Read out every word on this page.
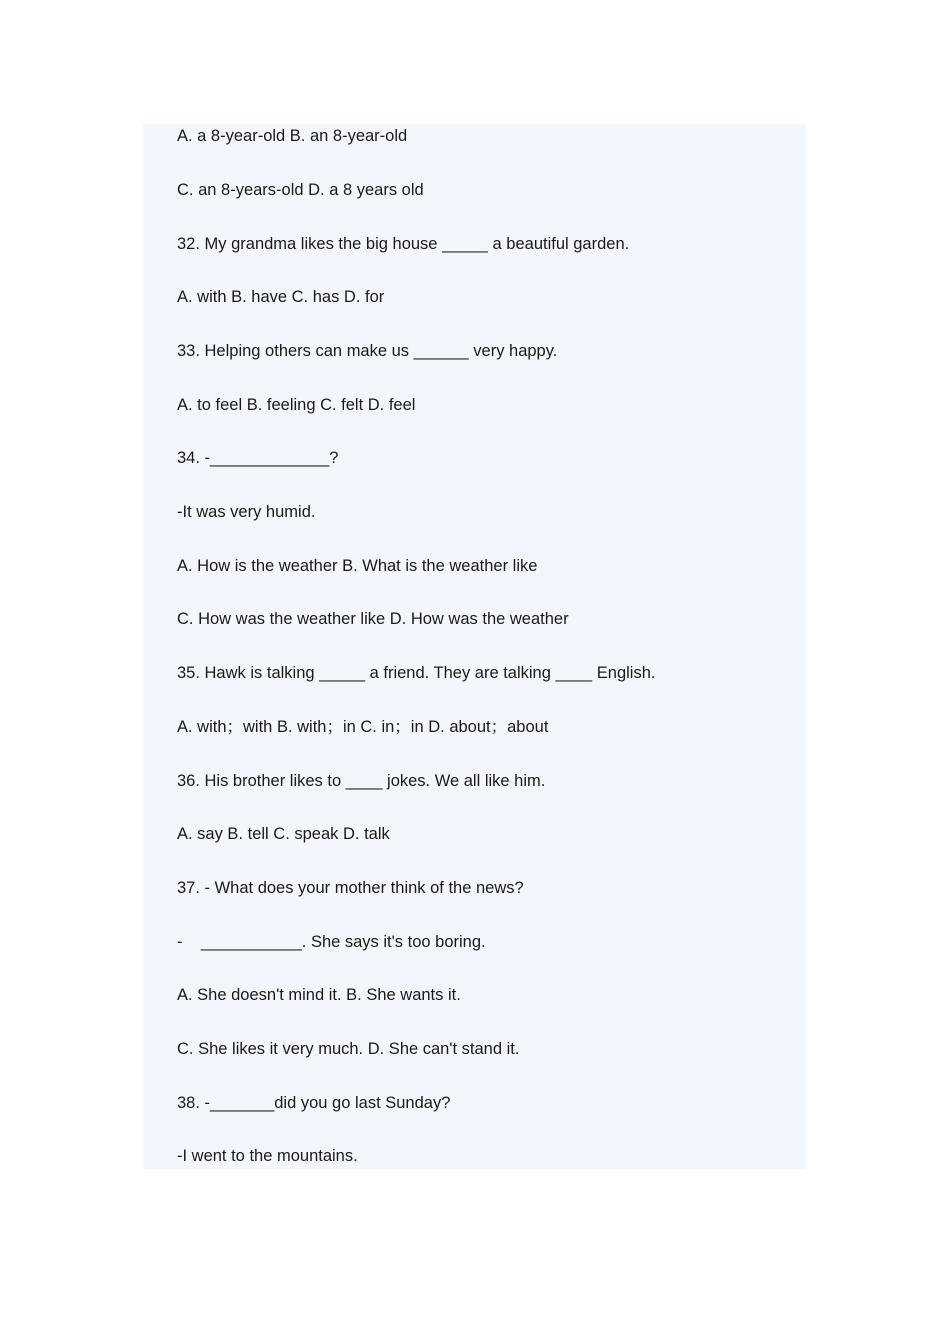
A. a 8-year-old B. an 8-year-old
C. an 8-years-old D. a 8 years old
32. My grandma likes the big house _____ a beautiful garden.
A. with B. have C. has D. for
33. Helping others can make us ______ very happy.
A. to feel B. feeling C. felt D. feel
34. -_____________?
-It was very humid.
A. How is the weather B. What is the weather like
C. How was the weather like D. How was the weather
35. Hawk is talking _____ a friend. They are talking ____ English.
A. with；with B. with；in C. in；in D. about；about
36. His brother likes to ____ jokes. We all like him.
A. say B. tell C. speak D. talk
37. - What does your mother think of the news?
-    ___________. She says it's too boring.
A. She doesn't mind it. B. She wants it.
C. She likes it very much. D. She can't stand it.
38. -_______did you go last Sunday?
-I went to the mountains.
